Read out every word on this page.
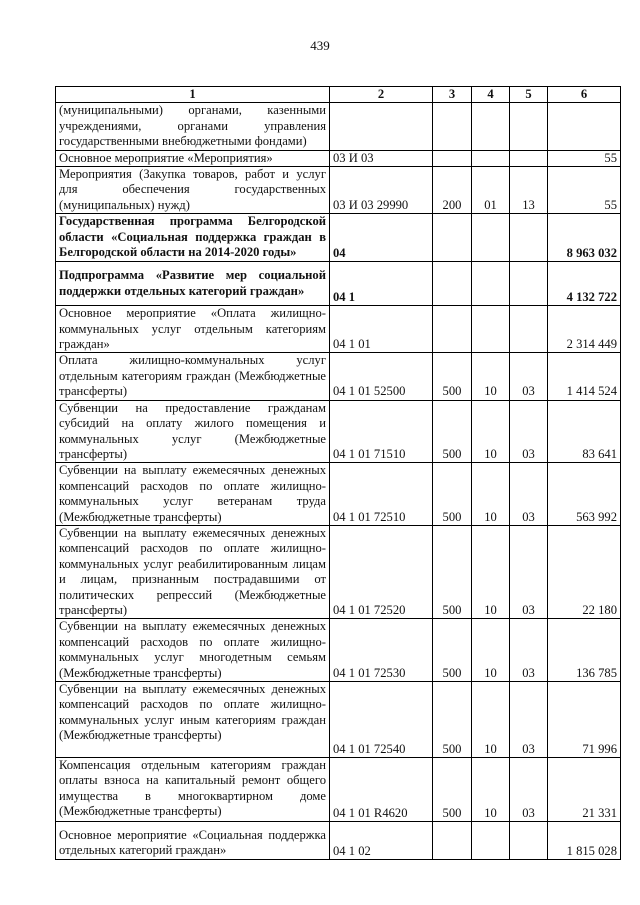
439
1	2	3	4	5	6
(муниципальными) органами, казенными учреждениями, органами управления государственными внебюджетными фондами)					
Основное мероприятие «Мероприятия»	03 И 03				55
Мероприятия (Закупка товаров, работ и услуг для обеспечения государственных (муниципальных) нужд)	03 И 03 29990	200	01	13	55
Государственная программа Белгородской области «Социальная поддержка граждан в Белгородской области на 2014-2020 годы»	04				8 963 032
Подпрограмма «Развитие мер социальной поддержки отдельных категорий граждан»	04 1				4 132 722
Основное мероприятие «Оплата жилищно-коммунальных услуг отдельным категориям граждан»	04 1 01				2 314 449
Оплата жилищно-коммунальных услуг отдельным категориям граждан (Межбюджетные трансферты)	04 1 01 52500	500	10	03	1 414 524
Субвенции на предоставление гражданам субсидий на оплату жилого помещения и коммунальных услуг (Межбюджетные трансферты)	04 1 01 71510	500	10	03	83 641
Субвенции на выплату ежемесячных денежных компенсаций расходов по оплате жилищно-коммунальных услуг ветеранам труда (Межбюджетные трансферты)	04 1 01 72510	500	10	03	563 992
Субвенции на выплату ежемесячных денежных компенсаций расходов по оплате жилищно-коммунальных услуг реабилитированным лицам и лицам, признанным пострадавшими от политических репрессий (Межбюджетные трансферты)	04 1 01 72520	500	10	03	22 180
Субвенции на выплату ежемесячных денежных компенсаций расходов по оплате жилищно-коммунальных услуг многодетным семьям (Межбюджетные трансферты)	04 1 01 72530	500	10	03	136 785
Субвенции на выплату ежемесячных денежных компенсаций расходов по оплате жилищно-коммунальных услуг иным категориям граждан (Межбюджетные трансферты)	04 1 01 72540	500	10	03	71 996
Компенсация отдельным категориям граждан оплаты взноса на капитальный ремонт общего имущества в многоквартирном доме (Межбюджетные трансферты)	04 1 01 R4620	500	10	03	21 331
Основное мероприятие «Социальная поддержка отдельных категорий граждан»	04 1 02				1 815 028
